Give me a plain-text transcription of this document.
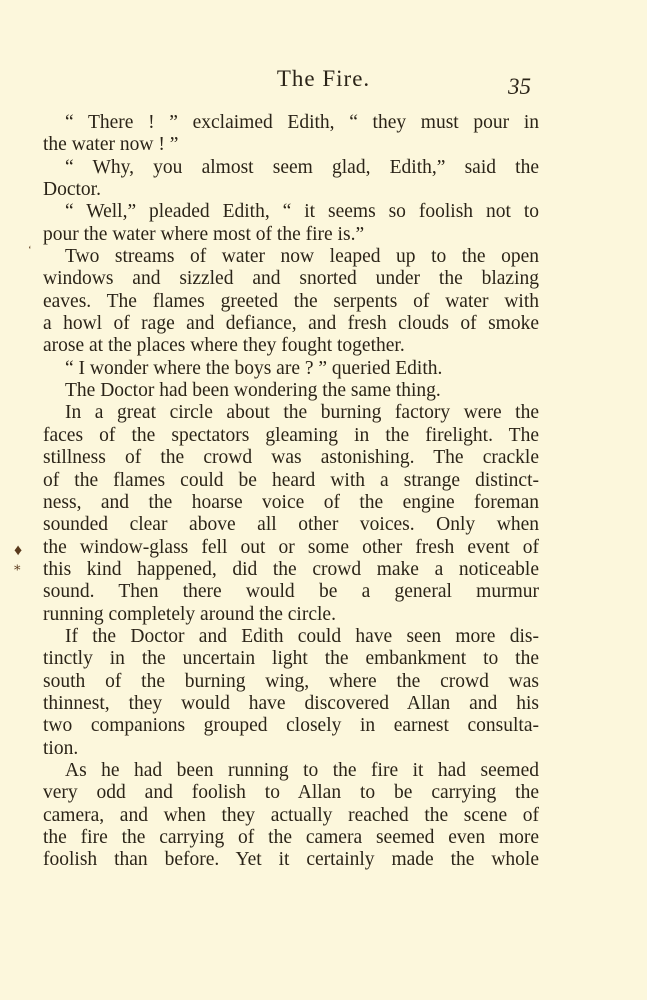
The Fire.	35
ʻ
♦
⁎
“ There ! ” exclaimed Edith, “ they must pour in
the water now ! ”
“ Why, you almost seem glad, Edith,” said the
Doctor.
“ Well,” pleaded Edith, “ it seems so foolish not to
pour the water where most of the fire is.”
Two streams of water now leaped up to the open
windows and sizzled and snorted under the blazing
eaves. The flames greeted the serpents of water with
a howl of rage and defiance, and fresh clouds of smoke
arose at the places where they fought together.
“ I wonder where the boys are ? ” queried Edith.
The Doctor had been wondering the same thing.
In a great circle about the burning factory were the
faces of the spectators gleaming in the firelight. The
stillness of the crowd was astonishing. The crackle
of the flames could be heard with a strange distinct-
ness, and the hoarse voice of the engine foreman
sounded clear above all other voices. Only when
the window-glass fell out or some other fresh event of
this kind happened, did the crowd make a noticeable
sound. Then there would be a general murmur
running completely around the circle.
If the Doctor and Edith could have seen more dis-
tinctly in the uncertain light the embankment to the
south of the burning wing, where the crowd was
thinnest, they would have discovered Allan and his
two companions grouped closely in earnest consulta-
tion.
As he had been running to the fire it had seemed
very odd and foolish to Allan to be carrying the
camera, and when they actually reached the scene of
the fire the carrying of the camera seemed even more
foolish than before. Yet it certainly made the whole
